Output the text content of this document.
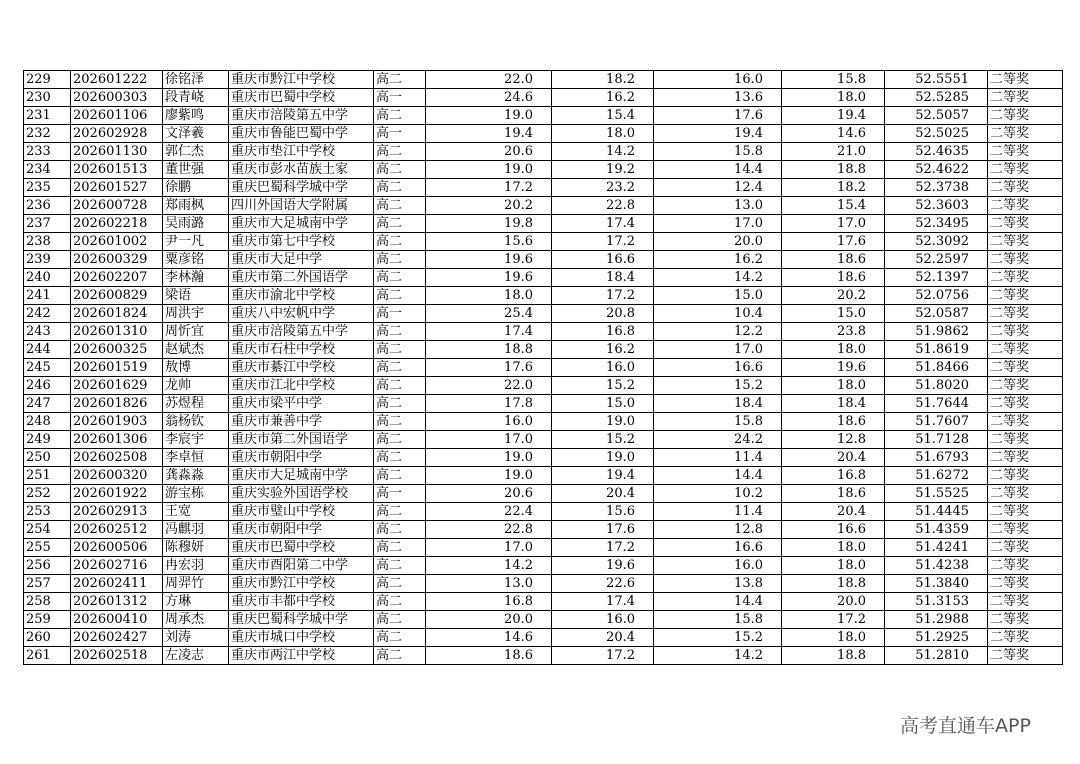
229	202601222	徐铭泽	重庆市黔江中学校	高二	22.0	18.2	16.0	15.8	52.5551	二等奖
230	202600303	段青峣	重庆市巴蜀中学校	高一	24.6	16.2	13.6	18.0	52.5285	二等奖
231	202601106	廖紫鸣	重庆市涪陵第五中学	高二	19.0	15.4	17.6	19.4	52.5057	二等奖
232	202602928	文泽羲	重庆市鲁能巴蜀中学	高一	19.4	18.0	19.4	14.6	52.5025	二等奖
233	202601130	郭仁杰	重庆市垫江中学校	高二	20.6	14.2	15.8	21.0	52.4635	二等奖
234	202601513	董世强	重庆市彭水苗族土家	高二	19.0	19.2	14.4	18.8	52.4622	二等奖
235	202601527	徐鹏	重庆巴蜀科学城中学	高二	17.2	23.2	12.4	18.2	52.3738	二等奖
236	202600728	郑雨枫	四川外国语大学附属	高二	20.2	22.8	13.0	15.4	52.3603	二等奖
237	202602218	吴雨潞	重庆市大足城南中学	高二	19.8	17.4	17.0	17.0	52.3495	二等奖
238	202601002	尹一凡	重庆市第七中学校	高二	15.6	17.2	20.0	17.6	52.3092	二等奖
239	202600329	粟彦铭	重庆市大足中学	高二	19.6	16.6	16.2	18.6	52.2597	二等奖
240	202602207	李林瀚	重庆市第二外国语学	高二	19.6	18.4	14.2	18.6	52.1397	二等奖
241	202600829	梁语	重庆市渝北中学校	高二	18.0	17.2	15.0	20.2	52.0756	二等奖
242	202601824	周洪宇	重庆八中宏帆中学	高一	25.4	20.8	10.4	15.0	52.0587	二等奖
243	202601310	周忻宜	重庆市涪陵第五中学	高二	17.4	16.8	12.2	23.8	51.9862	二等奖
244	202600325	赵斌杰	重庆市石柱中学校	高二	18.8	16.2	17.0	18.0	51.8619	二等奖
245	202601519	敖博	重庆市綦江中学校	高二	17.6	16.0	16.6	19.6	51.8466	二等奖
246	202601629	龙帅	重庆市江北中学校	高二	22.0	15.2	15.2	18.0	51.8020	二等奖
247	202601826	苏煜程	重庆市梁平中学	高二	17.8	15.0	18.4	18.4	51.7644	二等奖
248	202601903	翁杨钦	重庆市兼善中学	高二	16.0	19.0	15.8	18.6	51.7607	二等奖
249	202601306	李宸宇	重庆市第二外国语学	高二	17.0	15.2	24.2	12.8	51.7128	二等奖
250	202602508	李卓恒	重庆市朝阳中学	高二	19.0	19.0	11.4	20.4	51.6793	二等奖
251	202600320	龚淼淼	重庆市大足城南中学	高二	19.0	19.4	14.4	16.8	51.6272	二等奖
252	202601922	游宝栋	重庆实验外国语学校	高一	20.6	20.4	10.2	18.6	51.5525	二等奖
253	202602913	王宽	重庆市璧山中学校	高二	22.4	15.6	11.4	20.4	51.4445	二等奖
254	202602512	冯麒羽	重庆市朝阳中学	高二	22.8	17.6	12.8	16.6	51.4359	二等奖
255	202600506	陈穆妍	重庆市巴蜀中学校	高二	17.0	17.2	16.6	18.0	51.4241	二等奖
256	202602716	冉宏羽	重庆市酉阳第二中学	高二	14.2	19.6	16.0	18.0	51.4238	二等奖
257	202602411	周羿竹	重庆市黔江中学校	高二	13.0	22.6	13.8	18.8	51.3840	二等奖
258	202601312	方琳	重庆市丰都中学校	高二	16.8	17.4	14.4	20.0	51.3153	二等奖
259	202600410	周承杰	重庆巴蜀科学城中学	高二	20.0	16.0	15.8	17.2	51.2988	二等奖
260	202602427	刘涛	重庆市城口中学校	高二	14.6	20.4	15.2	18.0	51.2925	二等奖
261	202602518	左凌志	重庆市两江中学校	高二	18.6	17.2	14.2	18.8	51.2810	二等奖
高考直通车APP
